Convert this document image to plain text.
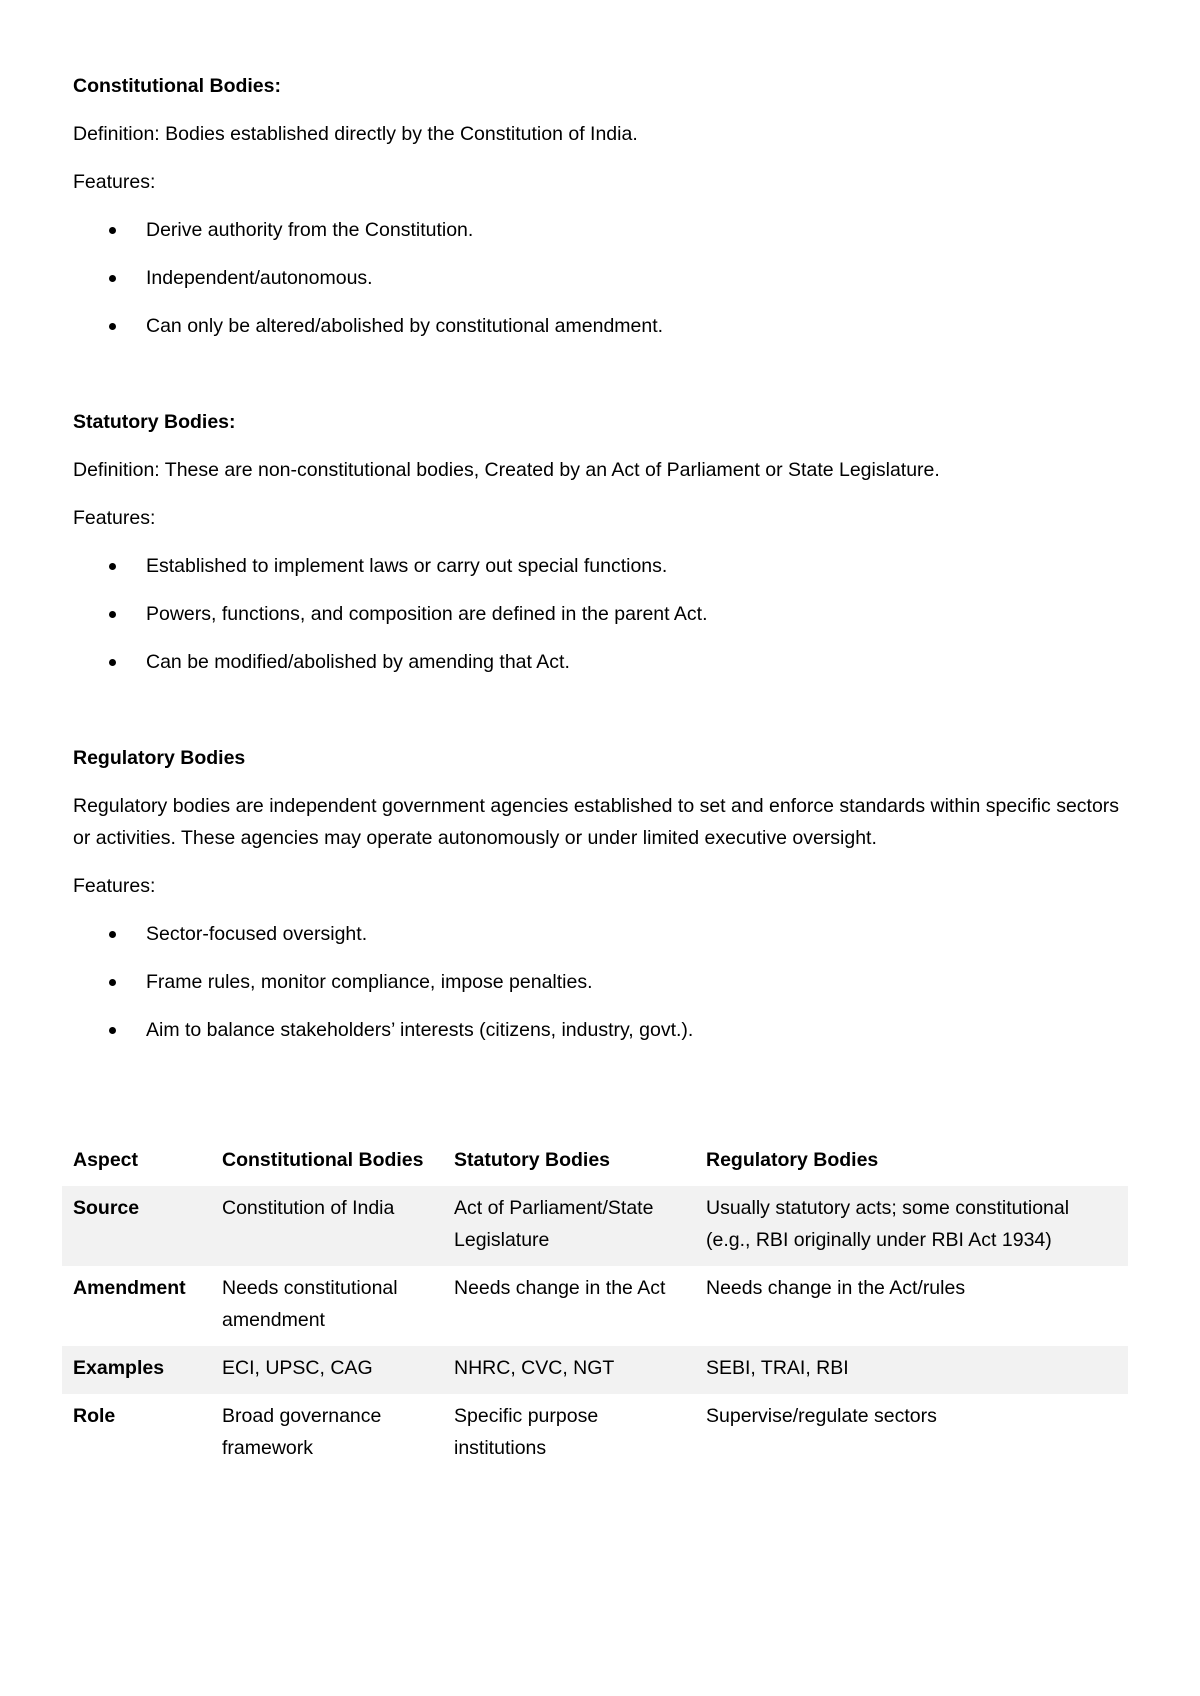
Constitutional Bodies:
Definition: Bodies established directly by the Constitution of India.
Features:
Derive authority from the Constitution.
Independent/autonomous.
Can only be altered/abolished by constitutional amendment.
Statutory Bodies:
Definition: These are non-constitutional bodies, Created by an Act of Parliament or State Legislature.
Features:
Established to implement laws or carry out special functions.
Powers, functions, and composition are defined in the parent Act.
Can be modified/abolished by amending that Act.
Regulatory Bodies
Regulatory bodies are independent government agencies established to set and enforce standards within specific sectors or activities. These agencies may operate autonomously or under limited executive oversight.
Features:
Sector-focused oversight.
Frame rules, monitor compliance, impose penalties.
Aim to balance stakeholders’ interests (citizens, industry, govt.).
Aspect	Constitutional Bodies	Statutory Bodies	Regulatory Bodies
Source	Constitution of India	Act of Parliament/State Legislature	Usually statutory acts; some constitutional (e.g., RBI originally under RBI Act 1934)
Amendment	Needs constitutional amendment	Needs change in the Act	Needs change in the Act/rules
Examples	ECI, UPSC, CAG	NHRC, CVC, NGT	SEBI, TRAI, RBI
Role	Broad governance framework	Specific purpose institutions	Supervise/regulate sectors
